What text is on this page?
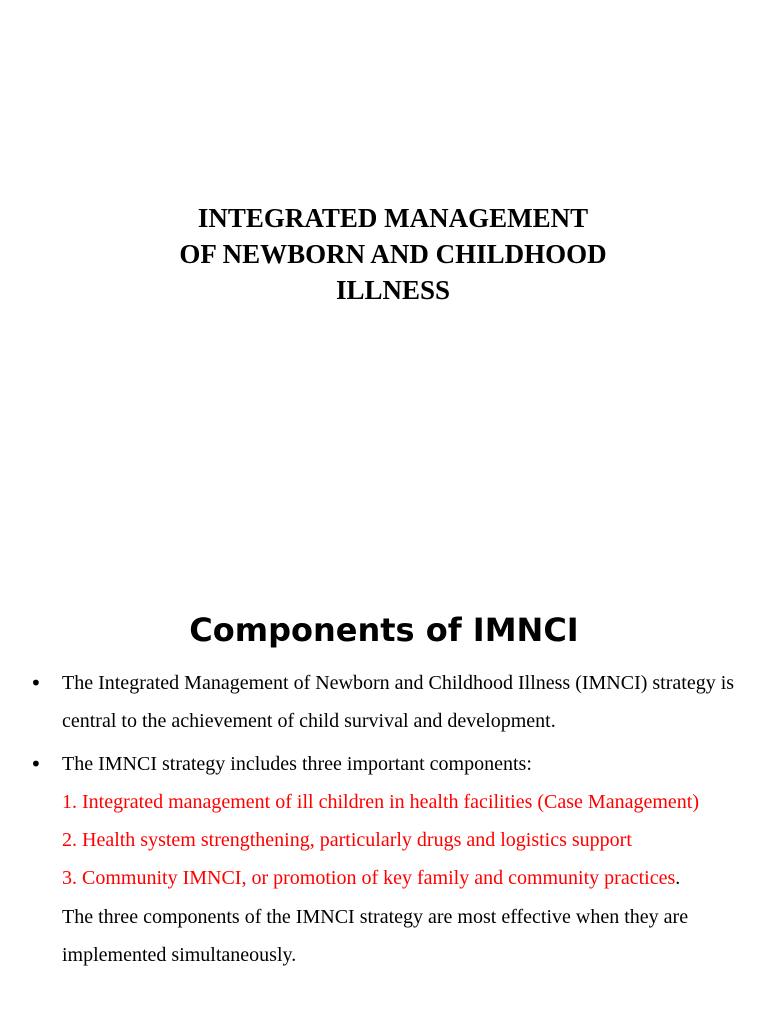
INTEGRATED MANAGEMENT
OF NEWBORN AND CHILDHOOD
ILLNESS
Components of IMNCI
• The Integrated Management of Newborn and Childhood Illness (IMNCI) strategy is central to the achievement of child survival and development.
• The IMNCI strategy includes three important components:
1. Integrated management of ill children in health facilities (Case Management)
2. Health system strengthening, particularly drugs and logistics support
3. Community IMNCI, or promotion of key family and community practices.
The three components of the IMNCI strategy are most effective when they are implemented simultaneously.
